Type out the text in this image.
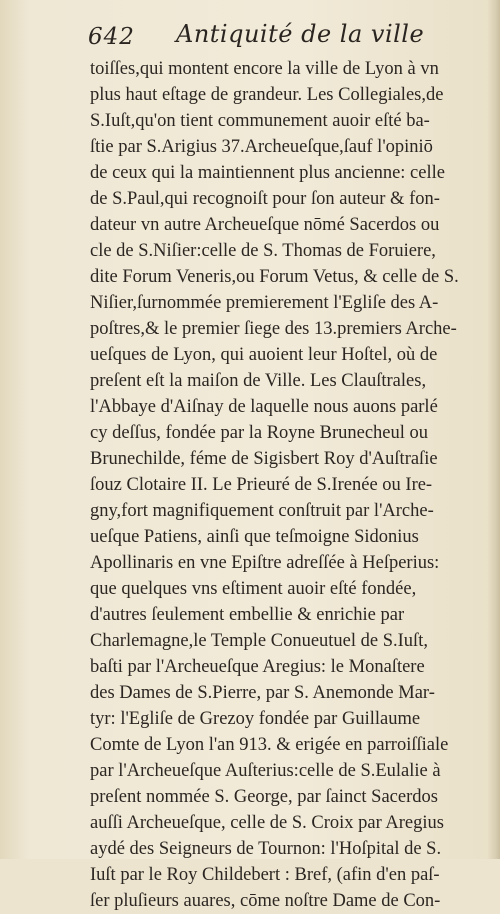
642 Antiquité de la ville
toiſſes,qui montent encore la ville de Lyon à vn
plus haut eſtage de grandeur. Les Collegiales,de
S.Iuſt,qu'on tient communement auoir eſté ba-
ſtie par S.Arigius 37.Archeueſque,ſauf l'opiniō
de ceux qui la maintiennent plus ancienne: celle
de S.Paul,qui recognoiſt pour ſon auteur & fon-
dateur vn autre Archeueſque nōmé Sacerdos ou
cle de S.Niſier:celle de S. Thomas de Foruiere,
dite Forum Veneris,ou Forum Vetus, & celle de S.
Niſier,ſurnommée premierement l'Egliſe des A-
poſtres,& le premier ſiege des 13.premiers Arche-
ueſques de Lyon, qui auoient leur Hoſtel, où de
preſent eſt la maiſon de Ville. Les Clauſtrales,
l'Abbaye d'Aiſnay de laquelle nous auons parlé
cy deſſus, fondée par la Royne Brunecheul ou
Brunechilde, féme de Sigisbert Roy d'Auſtraſie
ſouz Clotaire II. Le Prieuré de S.Irenée ou Ire-
gny,fort magnifiquement conſtruit par l'Arche-
ueſque Patiens, ainſi que teſmoigne Sidonius
Apollinaris en vne Epiſtre adreſſée à Heſperius:
que quelques vns eſtiment auoir eſté fondée,
d'autres ſeulement embellie & enrichie par
Charlemagne,le Temple Conueutuel de S.Iuſt,
baſti par l'Archeueſque Aregius: le Monaſtere
des Dames de S.Pierre, par S. Anemonde Mar-
tyr: l'Egliſe de Grezoy fondée par Guillaume
Comte de Lyon l'an 913. & erigée en parroiſſiale
par l'Archeueſque Auſterius:celle de S.Eulalie à
preſent nommée S. George, par ſainct Sacerdos
auſſi Archeueſque, celle de S. Croix par Aregius
aydé des Seigneurs de Tournon: l'Hoſpital de S.
Iuſt par le Roy Childebert : Bref, (afin d'en paſ-
ſer pluſieurs auares, cōme noſtre Dame de Con-
